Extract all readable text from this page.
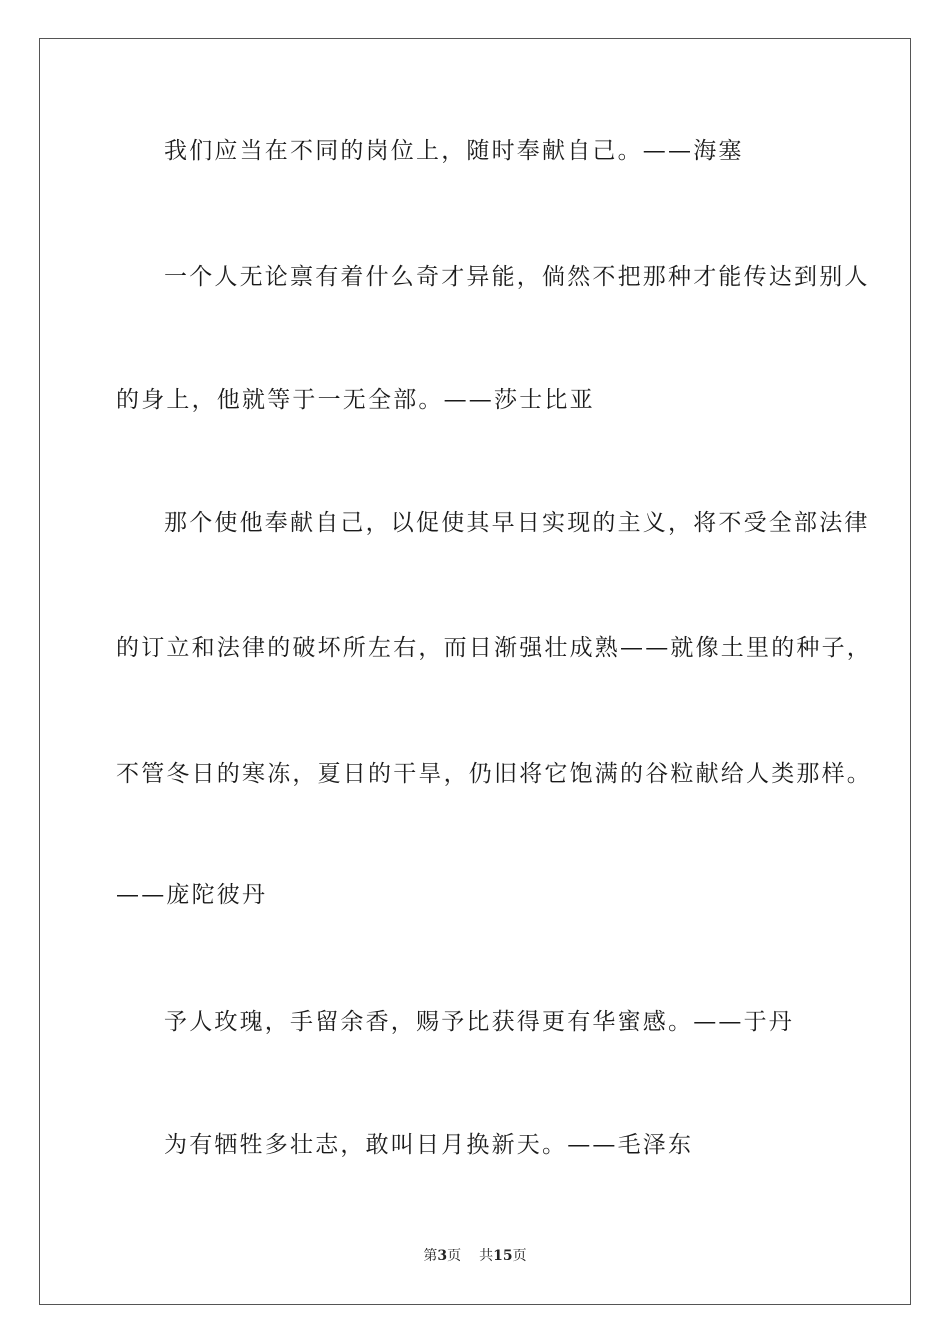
我们应当在不同的岗位上，随时奉献自己。——海塞
一个人无论禀有着什么奇才异能，倘然不把那种才能传达到别人
的身上，他就等于一无全部。——莎士比亚
那个使他奉献自己，以促使其早日实现的主义，将不受全部法律
的订立和法律的破坏所左右，而日渐强壮成熟——就像土里的种子，
不管冬日的寒冻，夏日的干旱，仍旧将它饱满的谷粒献给人类那样。
——庞陀彼丹
予人玫瑰，手留余香，赐予比获得更有华蜜感。——于丹
为有牺牲多壮志，敢叫日月换新天。——毛泽东
第3页 共15页
